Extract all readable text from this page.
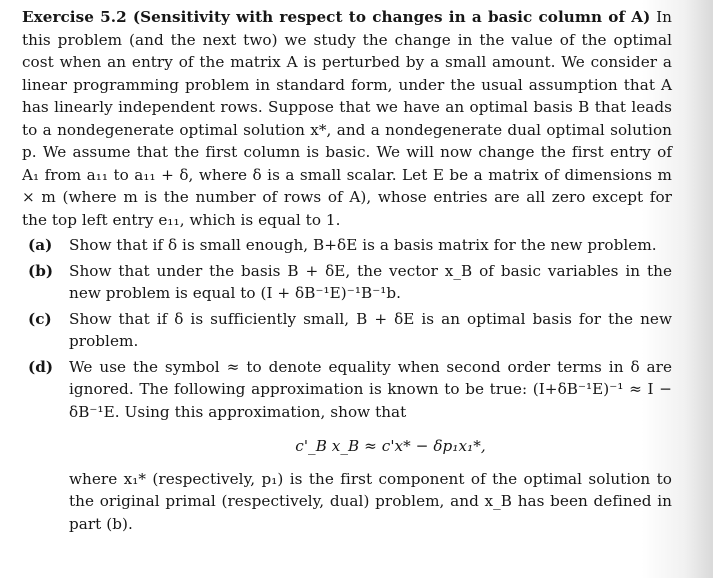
Exercise 5.2 (Sensitivity with respect to changes in a basic column of A) In this problem (and the next two) we study the change in the value of the optimal cost when an entry of the matrix A is perturbed by a small amount. We consider a linear programming problem in standard form, under the usual assumption that A has linearly independent rows. Suppose that we have an optimal basis B that leads to a nondegenerate optimal solution x*, and a nondegenerate dual optimal solution p. We assume that the first column is basic. We will now change the first entry of A₁ from a₁₁ to a₁₁ + δ, where δ is a small scalar. Let E be a matrix of dimensions m × m (where m is the number of rows of A), whose entries are all zero except for the top left entry e₁₁, which is equal to 1.

(a) Show that if δ is small enough, B+δE is a basis matrix for the new problem.
(b) Show that under the basis B + δE, the vector x_B of basic variables in the new problem is equal to (I + δB⁻¹E)⁻¹B⁻¹b.
(c) Show that if δ is sufficiently small, B + δE is an optimal basis for the new problem.
(d) We use the symbol ≈ to denote equality when second order terms in δ are ignored. The following approximation is known to be true: (I+δB⁻¹E)⁻¹ ≈ I − δB⁻¹E. Using this approximation, show that

c'_B x_B ≈ c'x* − δp₁x₁*,

where x₁* (respectively, p₁) is the first component of the optimal solution to the original primal (respectively, dual) problem, and x_B has been defined in part (b).
